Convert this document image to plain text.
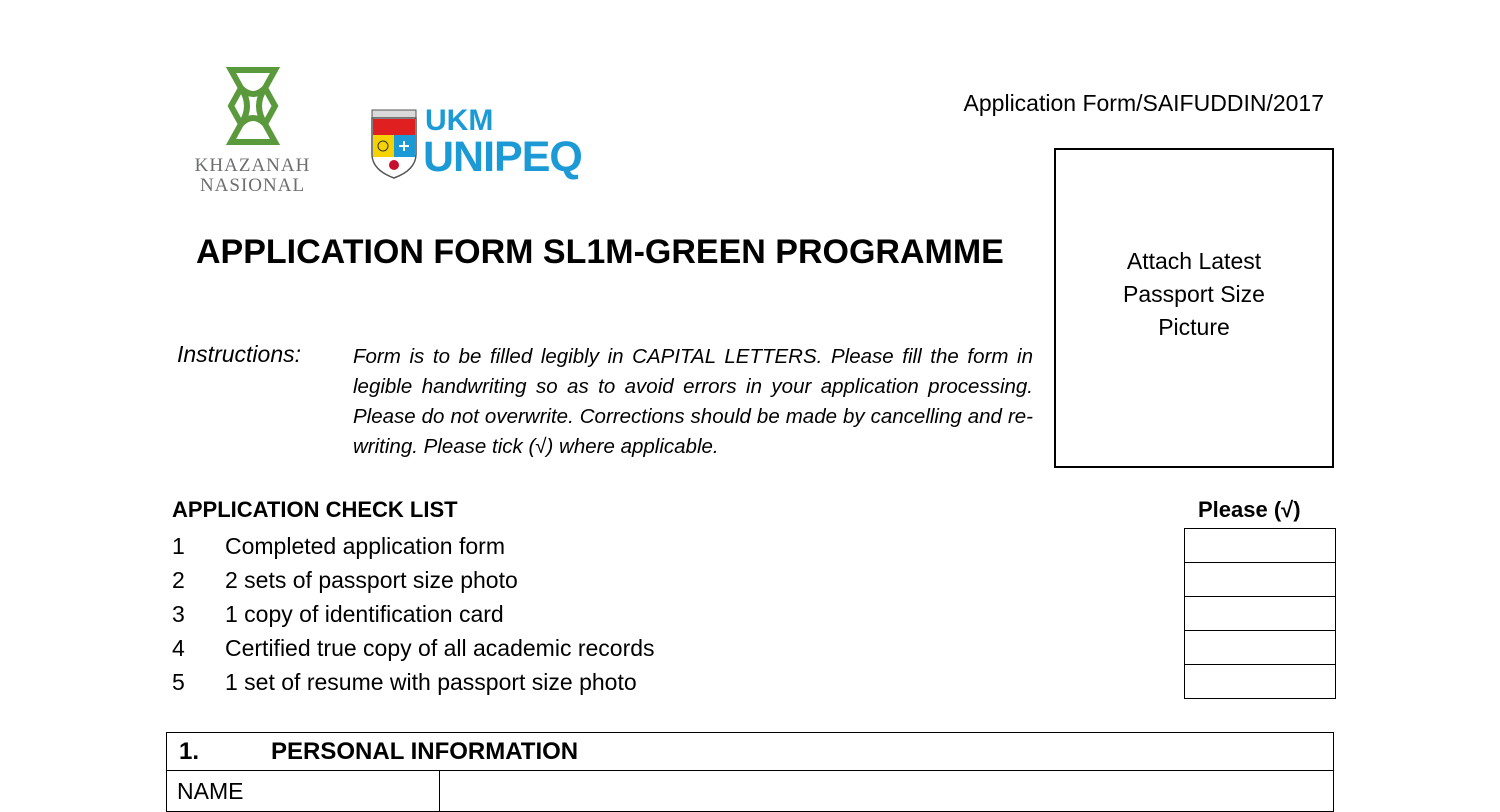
KHAZANAH
NASIONAL
UKM
UNIPEQ
Application Form/SAIFUDDIN/2017
Attach Latest Passport Size Picture
APPLICATION FORM SL1M-GREEN PROGRAMME
Instructions:	Form is to be filled legibly in CAPITAL LETTERS. Please fill the form in legible handwriting so as to avoid errors in your application processing. Please do not overwrite. Corrections should be made by cancelling and re-writing. Please tick (√) where applicable.
APPLICATION CHECK LIST	Please (√)
1	Completed application form
2	2 sets of passport size photo
3	1 copy of identification card
4	Certified true copy of all academic records
5	1 set of resume with passport size photo
1.	PERSONAL INFORMATION
NAME
